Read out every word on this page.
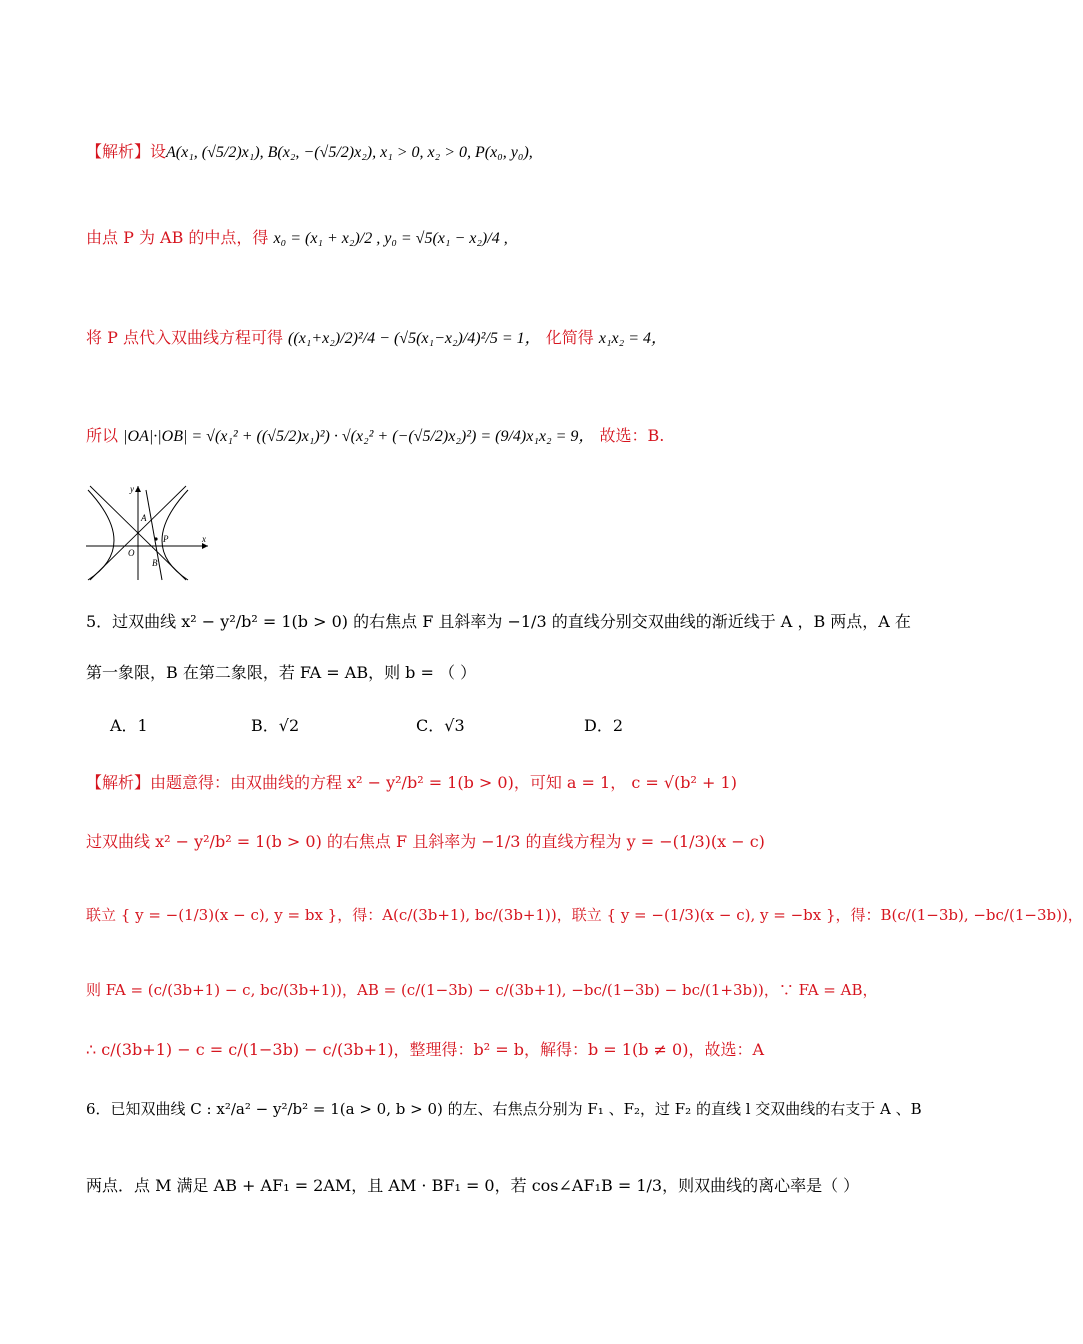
【解析】设A(x₁, (√5/2)x₁), B(x₂, −(√5/2)x₂), x₁ > 0, x₂ > 0, P(x₀, y₀),
由点 P 为 AB 的中点，得 x₀ = (x₁ + x₂)/2 , y₀ = √5(x₁ − x₂)/4 ,
将 P 点代入双曲线方程可得 ((x₁+x₂)/2)²/4 − (√5(x₁−x₂)/4)²/5 = 1， 化简得 x₁x₂ = 4，
所以 |OA|·|OB| = √(x₁² + ((√5/2)x₁)²) · √(x₂² + (−(√5/2)x₂)²) = (9/4)x₁x₂ = 9， 故选：B.
y
x
O
A
P
B
5．过双曲线 x² − y²/b² = 1(b > 0) 的右焦点 F 且斜率为 −1/3 的直线分别交双曲线的渐近线于 A ，B 两点，A 在
第一象限，B 在第二象限，若 FA = AB，则 b = （ ）
A．1	B．√2	C．√3	D．2
【解析】由题意得：由双曲线的方程 x² − y²/b² = 1(b > 0)，可知 a = 1， c = √(b² + 1)
过双曲线 x² − y²/b² = 1(b > 0) 的右焦点 F 且斜率为 −1/3 的直线方程为 y = −(1/3)(x − c)
联立 { y = −(1/3)(x − c), y = bx }，得：A(c/(3b+1), bc/(3b+1))，联立 { y = −(1/3)(x − c), y = −bx }，得：B(c/(1−3b), −bc/(1−3b))，
则 FA = (c/(3b+1) − c, bc/(3b+1))，AB = (c/(1−3b) − c/(3b+1), −bc/(1−3b) − bc/(1+3b))，∵ FA = AB，
∴ c/(3b+1) − c = c/(1−3b) − c/(3b+1)，整理得：b² = b，解得：b = 1(b ≠ 0)，故选：A
6．已知双曲线 C : x²/a² − y²/b² = 1(a > 0, b > 0) 的左、右焦点分别为 F₁ 、F₂，过 F₂ 的直线 l 交双曲线的右支于 A 、B
两点．点 M 满足 AB + AF₁ = 2AM，且 AM · BF₁ = 0，若 cos∠AF₁B = 1/3，则双曲线的离心率是（ ）
